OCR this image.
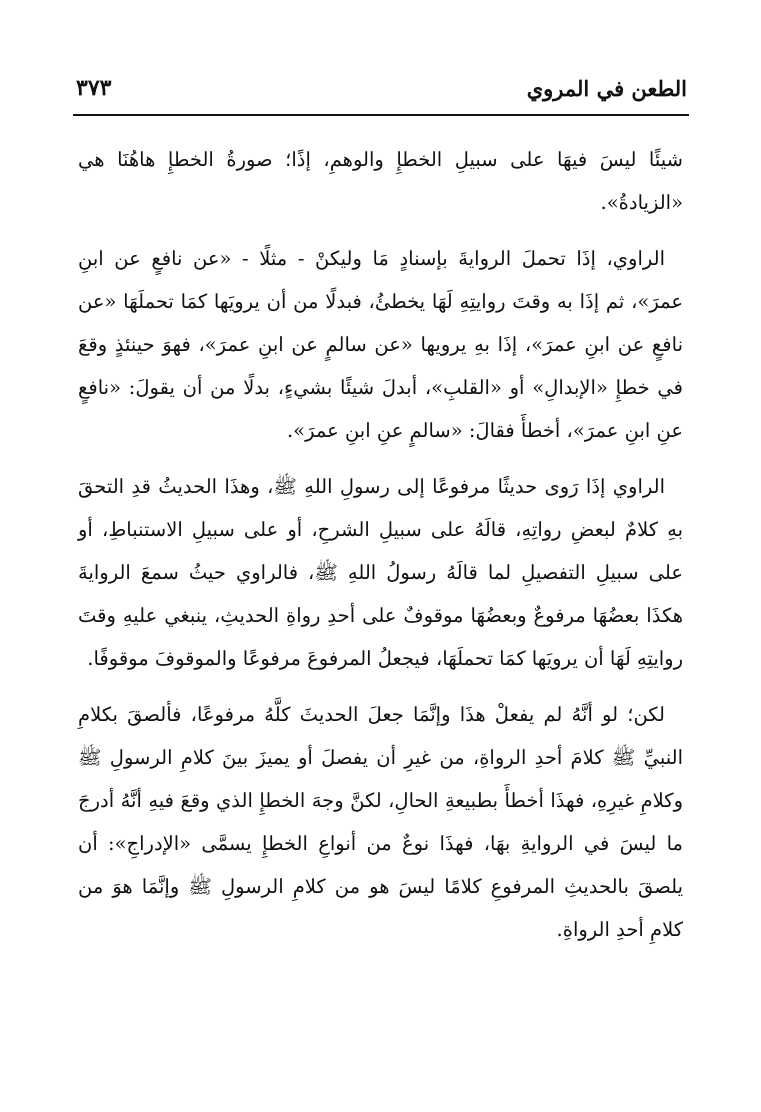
الطعن في المروي
٣٧٣

شيئًا ليسَ فيهَا على سبيلِ الخطإِ والوهمِ، إذًا؛ صورةُ الخطإِ هاهُنَا هي «الزيادةُ».

الراوي، إذَا تحملَ الروايةَ بإسنادٍ مَا وليكنْ - مثلًا - «عن نافعٍ عن ابنِ عمرَ»، ثم إذَا به وقتَ روايتِهِ لَهَا يخطئُ، فبدلًا من أن يرويَها كمَا تحملَهَا «عن نافعٍ عن ابنِ عمرَ»، إذَا بهِ يرويها «عن سالمٍ عن ابنِ عمرَ»، فهوَ حينئذٍ وقعَ في خطإِ «الإبدالِ» أو «القلبِ»، أبدلَ شيئًا بشيءٍ، بدلًا من أن يقولَ: «نافعٍ عنِ ابنِ عمرَ»، أخطأَ فقالَ: «سالمٍ عنِ ابنِ عمرَ».

الراوي إذَا رَوى حديثًا مرفوعًا إلى رسولِ اللهِ ﷺ، وهذَا الحديثُ قدِ التحقَ بهِ كلامٌ لبعضِ رواتِهِ، قالَهُ على سبيلِ الشرحِ، أو على سبيلِ الاستنباطِ، أو على سبيلِ التفصيلِ لما قالَهُ رسولُ اللهِ ﷺ، فالراوي حيثُ سمعَ الروايةَ هكذَا بعضُهَا مرفوعٌ وبعضُهَا موقوفٌ على أحدِ رواةِ الحديثِ، ينبغي عليهِ وقتَ روايتِهِ لَهَا أن يرويَها كمَا تحملَهَا، فيجعلُ المرفوعَ مرفوعًا والموقوفَ موقوفًا.

لكن؛ لو أنَّهُ لم يفعلْ هذَا وإنَّمَا جعلَ الحديثَ كلَّهُ مرفوعًا، فألصقَ بكلامِ النبيِّ ﷺ كلامَ أحدِ الرواةِ، من غيرِ أن يفصلَ أو يميزَ بينَ كلامِ الرسولِ ﷺ وكلامِ غيرِهِ، فهذَا أخطأَ بطبيعةِ الحالِ، لكنَّ وجهَ الخطإِ الذي وقعَ فيهِ أنَّهُ أدرجَ ما ليسَ في الروايةِ بهَا، فهذَا نوعٌ من أنواعِ الخطإِ يسمَّى «الإدراجِ»: أن يلصقَ بالحديثِ المرفوعِ كلامًا ليسَ هو من كلامِ الرسولِ ﷺ وإنَّمَا هوَ من كلامِ أحدِ الرواةِ.
